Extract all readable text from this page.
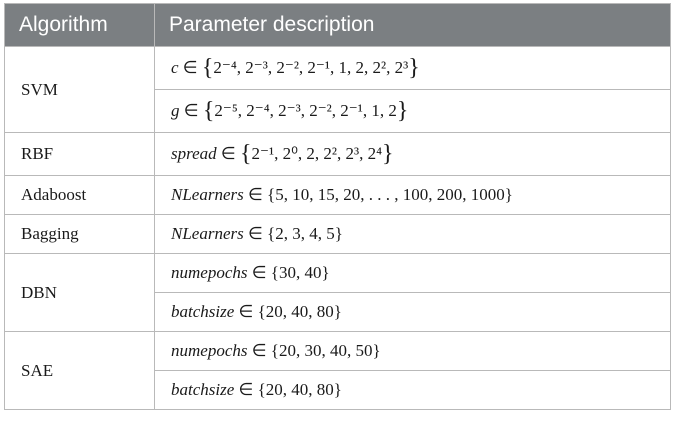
Algorithm	Parameter description
SVM	c ∈ {2⁻⁴, 2⁻³, 2⁻², 2⁻¹, 1, 2, 2², 2³}
	g ∈ {2⁻⁵, 2⁻⁴, 2⁻³, 2⁻², 2⁻¹, 1, 2}
RBF	spread ∈ {2⁻¹, 2⁰, 2, 2², 2³, 2⁴}
Adaboost	NLearners ∈ {5, 10, 15, 20, . . . , 100, 200, 1000}
Bagging	NLearners ∈ {2, 3, 4, 5}
DBN	numepochs ∈ {30, 40}
	batchsize ∈ {20, 40, 80}
SAE	numepochs ∈ {20, 30, 40, 50}
	batchsize ∈ {20, 40, 80}
